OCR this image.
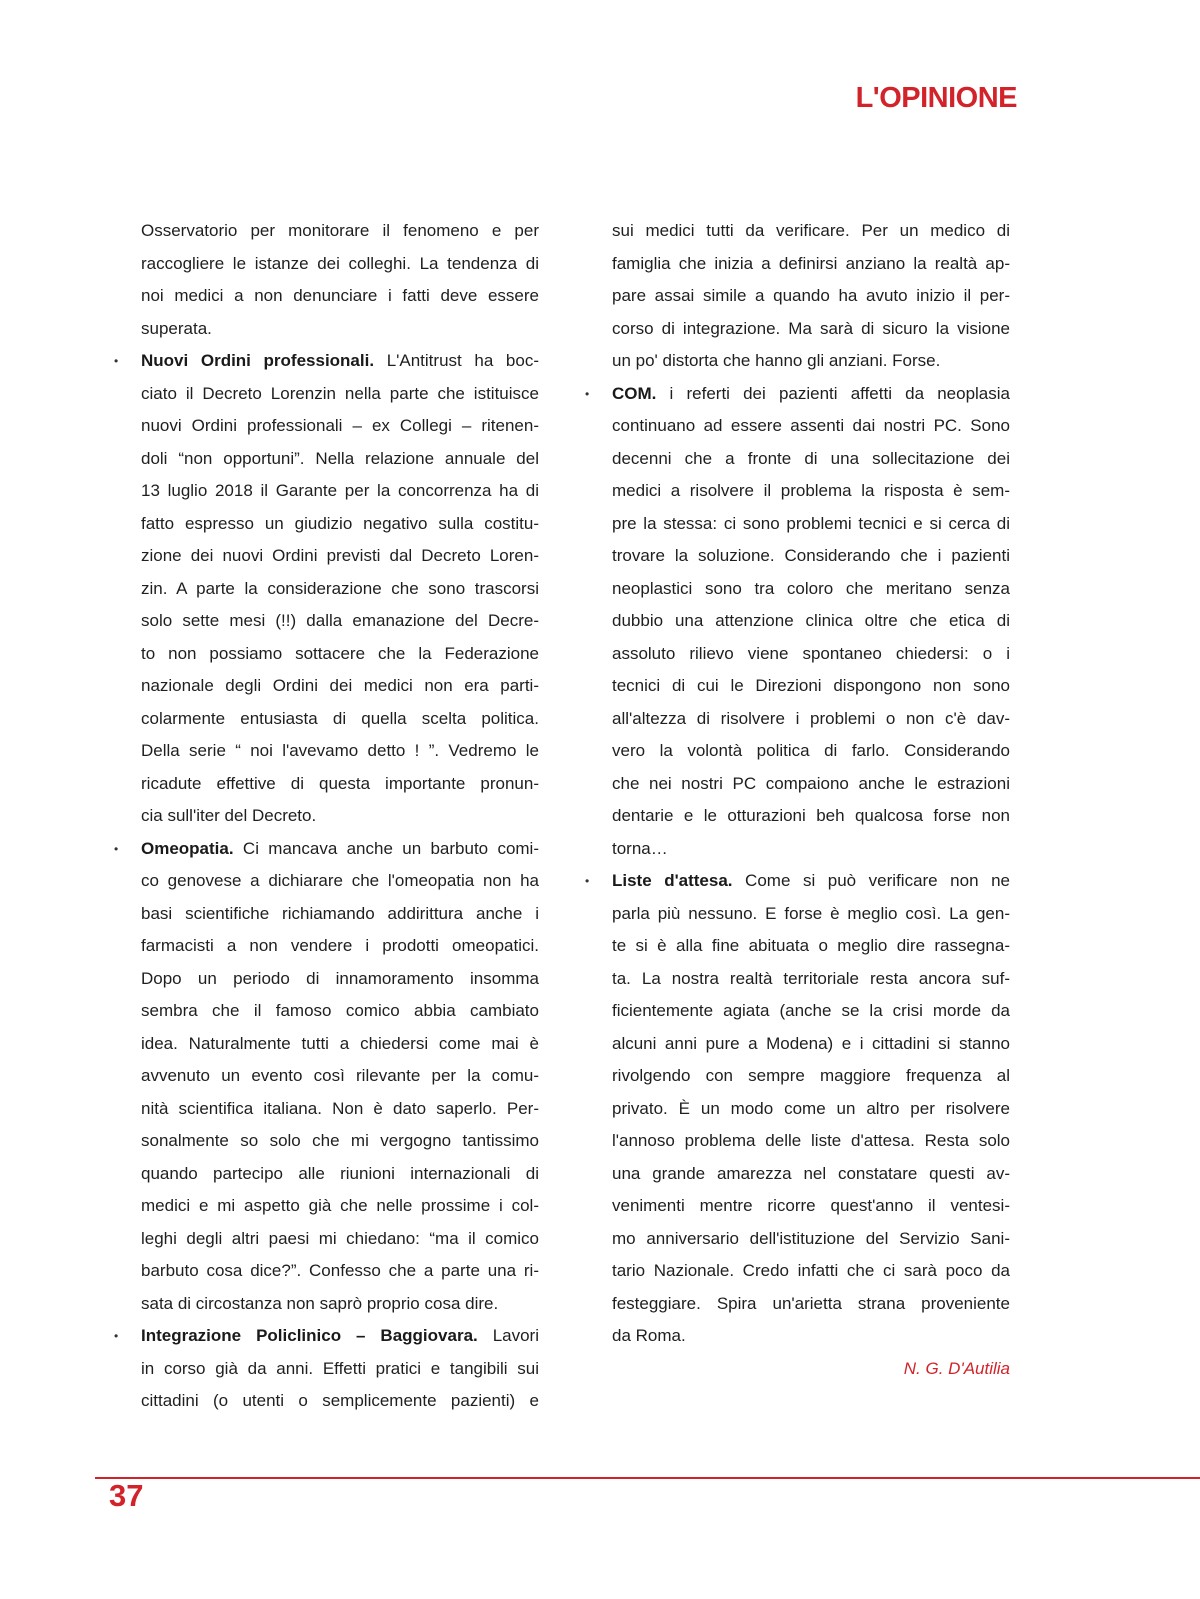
L'OPINIONE
Osservatorio per monitorare il fenomeno e per
raccogliere le istanze dei colleghi. La tendenza di
noi medici a non denunciare i fatti deve essere
superata.
• Nuovi Ordini professionali. L'Antitrust ha boc-
ciato il Decreto Lorenzin nella parte che istituisce
nuovi Ordini professionali – ex Collegi – ritenen-
doli “non opportuni”. Nella relazione annuale del
13 luglio 2018 il Garante per la concorrenza ha di
fatto espresso un giudizio negativo sulla costitu-
zione dei nuovi Ordini previsti dal Decreto Loren-
zin. A parte la considerazione che sono trascorsi
solo sette mesi (!!) dalla emanazione del Decre-
to non possiamo sottacere che la Federazione
nazionale degli Ordini dei medici non era parti-
colarmente entusiasta di quella scelta politica.
Della serie “ noi l'avevamo detto ! ”. Vedremo le
ricadute effettive di questa importante pronun-
cia sull'iter del Decreto.
• Omeopatia. Ci mancava anche un barbuto comi-
co genovese a dichiarare che l'omeopatia non ha
basi scientifiche richiamando addirittura anche i
farmacisti a non vendere i prodotti omeopatici.
Dopo un periodo di innamoramento insomma
sembra che il famoso comico abbia cambiato
idea. Naturalmente tutti a chiedersi come mai è
avvenuto un evento così rilevante per la comu-
nità scientifica italiana. Non è dato saperlo. Per-
sonalmente so solo che mi vergogno tantissimo
quando partecipo alle riunioni internazionali di
medici e mi aspetto già che nelle prossime i col-
leghi degli altri paesi mi chiedano: “ma il comico
barbuto cosa dice?”. Confesso che a parte una ri-
sata di circostanza non saprò proprio cosa dire.
• Integrazione Policlinico – Baggiovara. Lavori
in corso già da anni. Effetti pratici e tangibili sui
cittadini (o utenti o semplicemente pazienti) e
sui medici tutti da verificare. Per un medico di
famiglia che inizia a definirsi anziano la realtà ap-
pare assai simile a quando ha avuto inizio il per-
corso di integrazione. Ma sarà di sicuro la visione
un po' distorta che hanno gli anziani. Forse.
• COM. i referti dei pazienti affetti da neoplasia
continuano ad essere assenti dai nostri PC. Sono
decenni che a fronte di una sollecitazione dei
medici a risolvere il problema la risposta è sem-
pre la stessa: ci sono problemi tecnici e si cerca di
trovare la soluzione. Considerando che i pazienti
neoplastici sono tra coloro che meritano senza
dubbio una attenzione clinica oltre che etica di
assoluto rilievo viene spontaneo chiedersi: o i
tecnici di cui le Direzioni dispongono non sono
all'altezza di risolvere i problemi o non c'è dav-
vero la volontà politica di farlo. Considerando
che nei nostri PC compaiono anche le estrazioni
dentarie e le otturazioni beh qualcosa forse non
torna…
• Liste d'attesa. Come si può verificare non ne
parla più nessuno. E forse è meglio così. La gen-
te si è alla fine abituata o meglio dire rassegna-
ta. La nostra realtà territoriale resta ancora suf-
ficientemente agiata (anche se la crisi morde da
alcuni anni pure a Modena) e i cittadini si stanno
rivolgendo con sempre maggiore frequenza al
privato. È un modo come un altro per risolvere
l'annoso problema delle liste d'attesa. Resta solo
una grande amarezza nel constatare questi av-
venimenti mentre ricorre quest'anno il ventesi-
mo anniversario dell'istituzione del Servizio Sani-
tario Nazionale. Credo infatti che ci sarà poco da
festeggiare. Spira un'arietta strana proveniente
da Roma.
N. G. D'Autilia

37
